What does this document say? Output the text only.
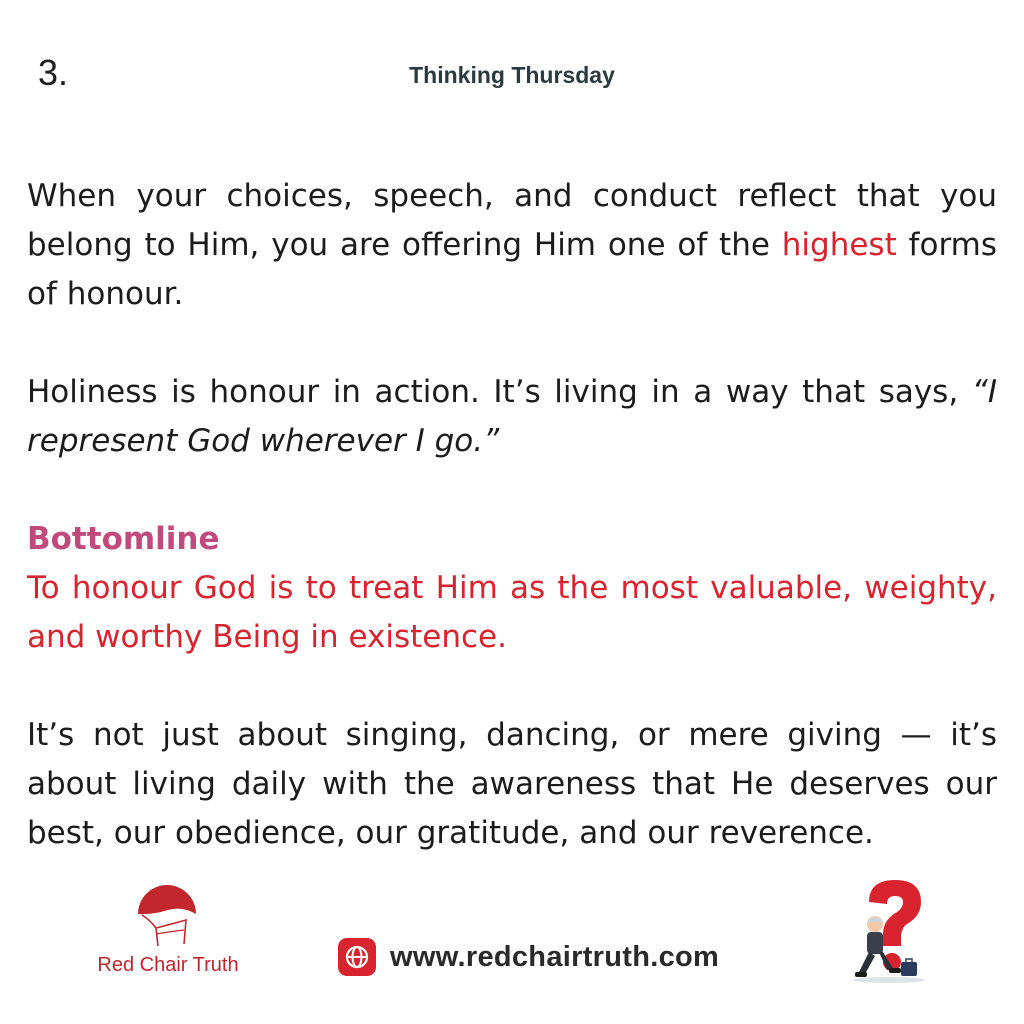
3.	Thinking Thursday

When your choices, speech, and conduct reflect that you belong to Him, you are offering Him one of the highest forms of honour.

Holiness is honour in action. It’s living in a way that says, “I represent God wherever I go.”

Bottomline

To honour God is to treat Him as the most valuable, weighty, and worthy Being in existence.

It’s not just about singing, dancing, or mere giving — it’s about living daily with the awareness that He deserves our best, our obedience, our gratitude, and our reverence.

Red Chair Truth	www.redchairtruth.com
